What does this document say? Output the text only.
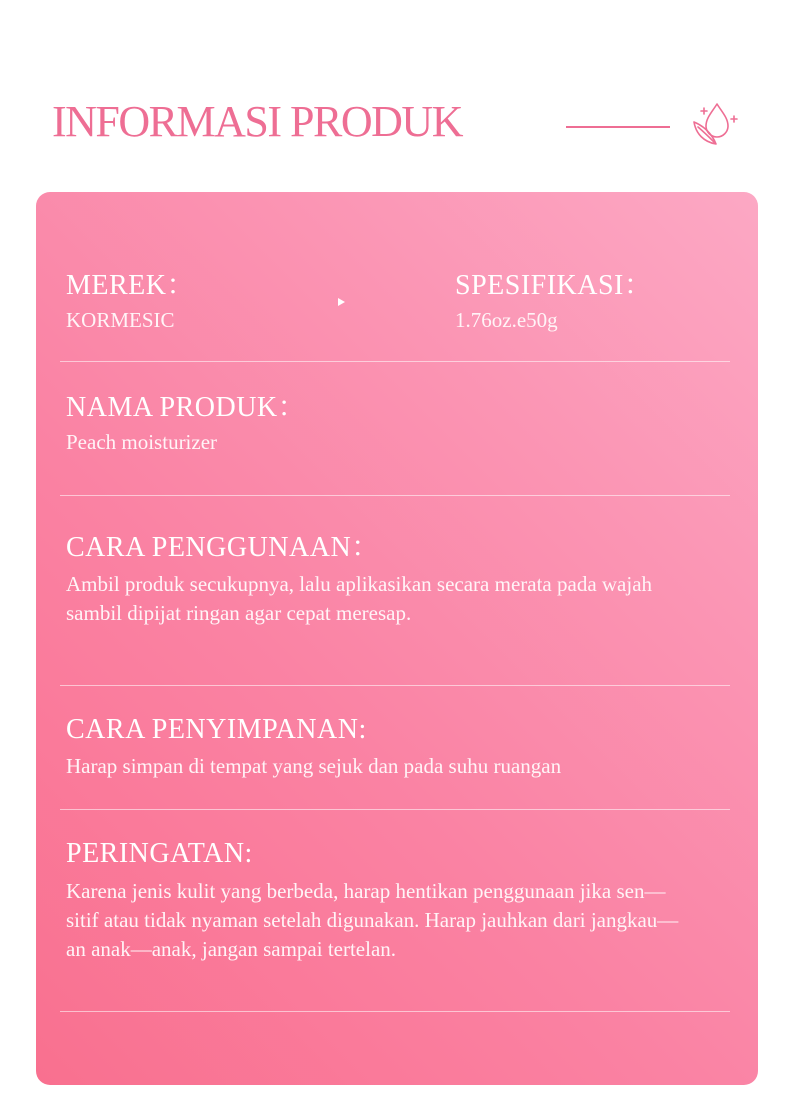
INFORMASI PRODUK
MEREK：
KORMESIC
SPESIFIKASI：
1.76oz.e50g
NAMA PRODUK：
Peach moisturizer
CARA PENGGUNAAN：
Ambil produk secukupnya, lalu aplikasikan secara merata pada wajah
sambil dipijat ringan agar cepat meresap.
CARA PENYIMPANAN:
Harap simpan di tempat yang sejuk dan pada suhu ruangan
PERINGATAN:
Karena jenis kulit yang berbeda, harap hentikan penggunaan jika sen—
sitif atau tidak nyaman setelah digunakan. Harap jauhkan dari jangkau—
an anak—anak, jangan sampai tertelan.
